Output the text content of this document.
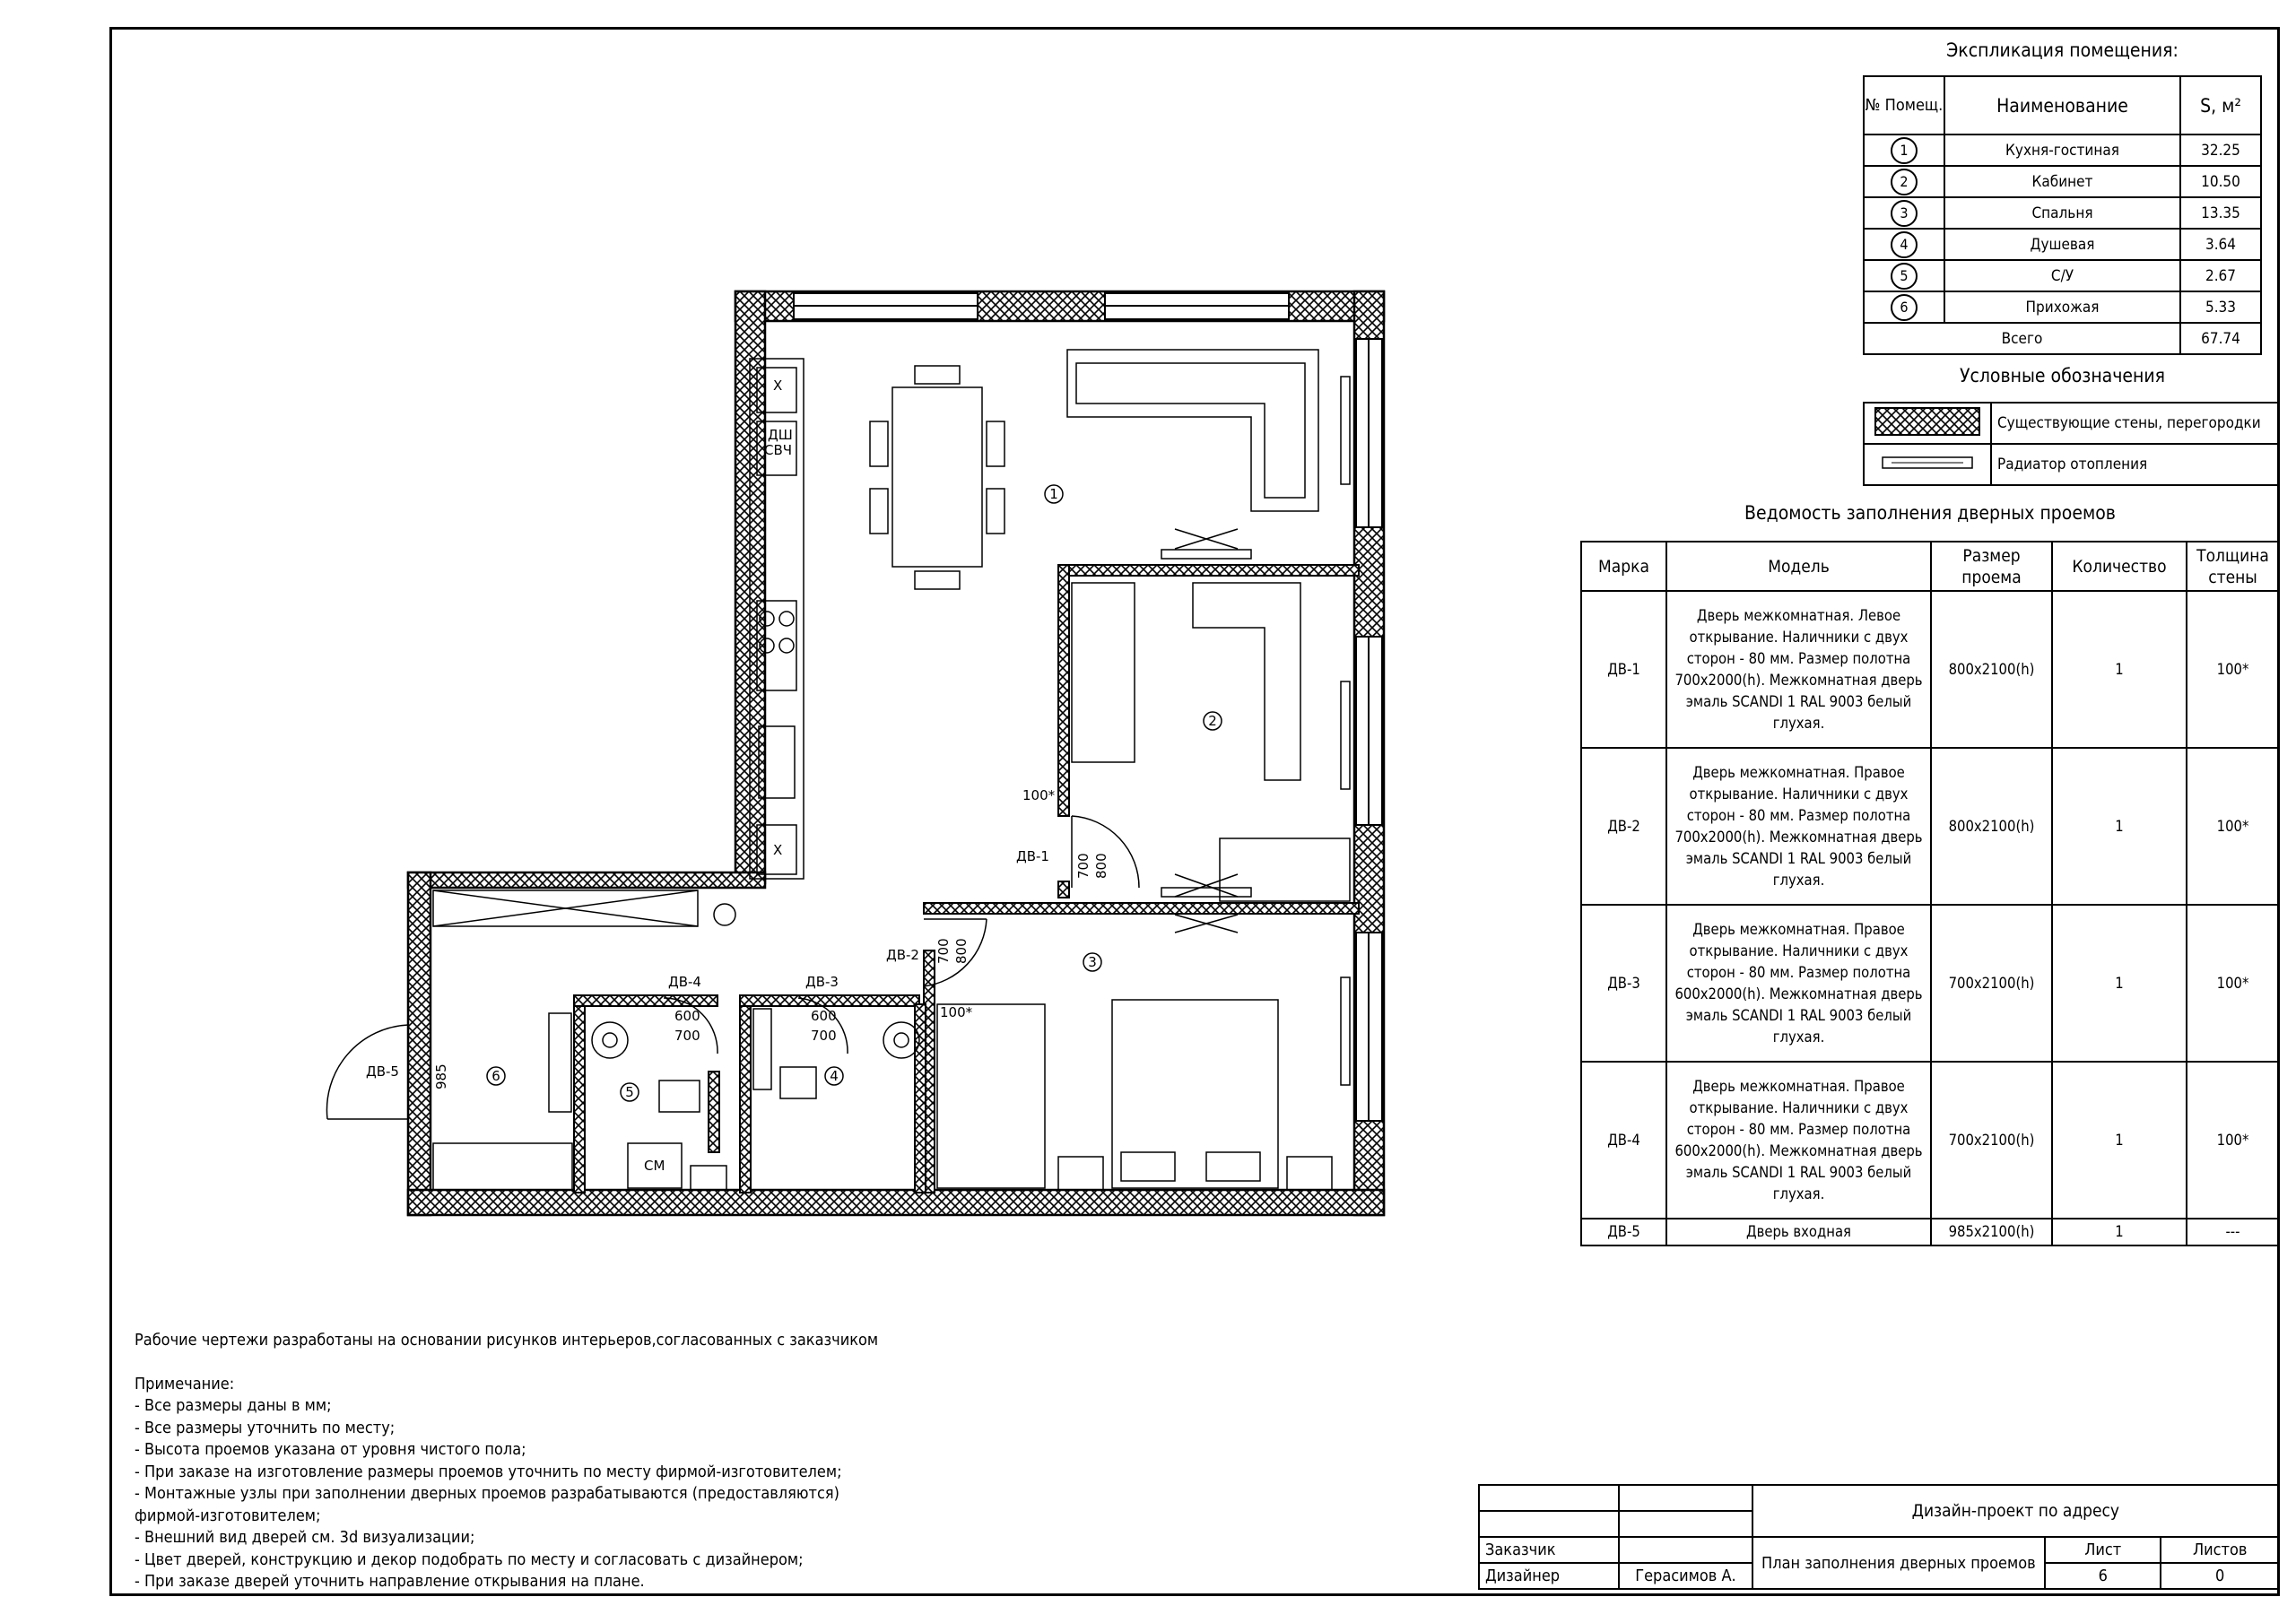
1
2
3
4
5
6
ДВ-1
ДВ-2
ДВ-3
ДВ-4
ДВ-5
100*
100*
600
700
600
700
Х
ДШ
СВЧ
Х
СМ
985
700 800
700 800
Экспликация помещения:
№ Помещ.	Наименование	S, м²
1	Кухня-гостиная	32.25
2	Кабинет	10.50
3	Спальня	13.35
4	Душевая	3.64
5	С/У	2.67
6	Прихожая	5.33
Всего		67.74
Условные обозначения
	Существующие стены, перегородки
	Радиатор отопления
Ведомость заполнения дверных проемов
Марка	Модель	Размер проема	Количество	Толщина стены
ДВ-1	Дверь межкомнатная. Левое открывание. Наличники с двух сторон - 80 мм. Размер полотна 700x2000(h). Межкомнатная дверь эмаль SCANDI 1 RAL 9003 белый глухая.	800x2100(h)	1	100*
ДВ-2	Дверь межкомнатная. Правое открывание. Наличники с двух сторон - 80 мм. Размер полотна 700x2000(h). Межкомнатная дверь эмаль SCANDI 1 RAL 9003 белый глухая.	800x2100(h)	1	100*
ДВ-3	Дверь межкомнатная. Правое открывание. Наличники с двух сторон - 80 мм. Размер полотна 600x2000(h). Межкомнатная дверь эмаль SCANDI 1 RAL 9003 белый глухая.	700x2100(h)	1	100*
ДВ-4	Дверь межкомнатная. Правое открывание. Наличники с двух сторон - 80 мм. Размер полотна 600x2000(h). Межкомнатная дверь эмаль SCANDI 1 RAL 9003 белый глухая.	700x2100(h)	1	100*
ДВ-5	Дверь входная	985x2100(h)	1	---
Рабочие чертежи разработаны на основании рисунков интерьеров,согласованных с заказчиком
Примечание:
- Все размеры даны в мм;
- Все размеры уточнить по месту;
- Высота проемов указана от уровня чистого пола;
- При заказе на изготовление размеры проемов уточнить по месту фирмой-изготовителем;
- Монтажные узлы при заполнении дверных проемов разрабатываются (предоставляются)
фирмой-изготовителем;
- Внешний вид дверей см. 3d визуализации;
- Цвет дверей, конструкцию и декор подобрать по месту и согласовать с дизайнером;
- При заказе дверей уточнить направление открывания на плане.
		Дизайн-проект по адресу		

Заказчик		План заполнения дверных проемов	Лист	Листов
Дизайнер	Герасимов А.		6	0
